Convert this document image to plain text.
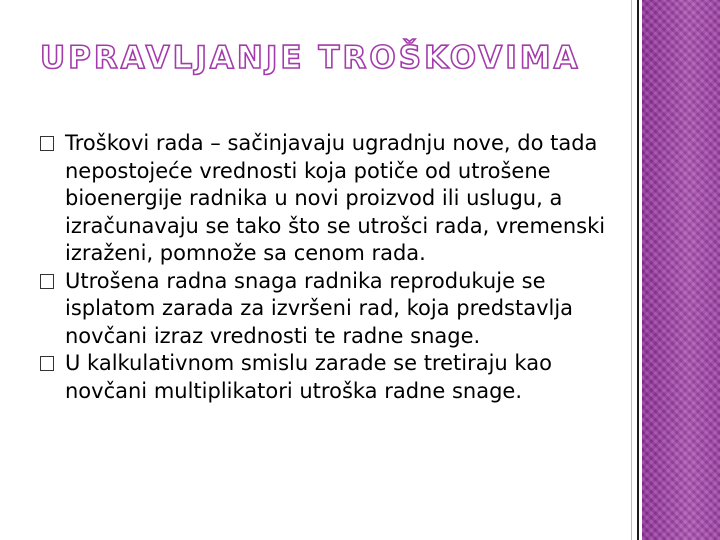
UPRAVLJANJE TROŠKOVIMA
Troškovi rada – sačinjavaju ugradnju nove, do tada nepostojeće vrednosti koja potiče od utrošene bioenergije radnika u novi proizvod ili uslugu, a izračunavaju se tako što se utrošci rada, vremenski izraženi, pomnože sa cenom rada.
Utrošena radna snaga radnika reprodukuje se isplatom zarada za izvršeni rad, koja predstavlja novčani izraz vrednosti te radne snage.
U kalkulativnom smislu zarade se tretiraju kao novčani multiplikatori utroška radne snage.
